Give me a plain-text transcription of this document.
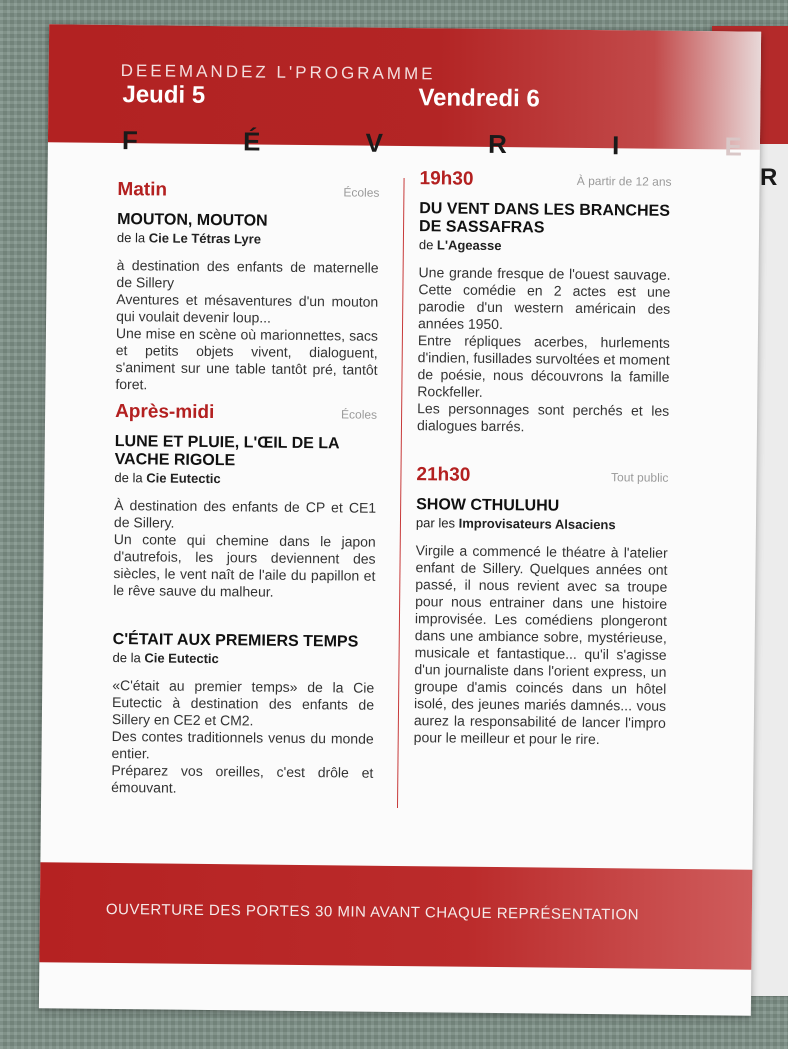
R
DEEEMANDEZ L'PROGRAMME
Jeudi 5	Vendredi 6
F	É	V	R	I	E
Matin	Écoles
MOUTON, MOUTON
de la Cie Le Tétras Lyre

à destination des enfants de maternelle de Sillery

Aventures et mésaventures d'un mouton qui voulait devenir loup...

Une mise en scène où marionnettes, sacs et petits objets vivent, dialoguent, s'animent sur une table tantôt pré, tantôt foret.

Après-midi	Écoles
LUNE ET PLUIE, L'ŒIL DE LA VACHE RIGOLE
de la Cie Eutectic

À destination des enfants de CP et CE1 de Sillery.

Un conte qui chemine dans le japon d'autrefois, les jours deviennent des siècles, le vent naît de l'aile du papillon et le rêve sauve du malheur.

C'ÉTAIT AUX PREMIERS TEMPS
de la Cie Eutectic

«C'était au premier temps» de la Cie Eutectic à destination des enfants de Sillery en CE2 et CM2.

Des contes traditionnels venus du monde entier.

Préparez vos oreilles, c'est drôle et émouvant.

19h30	À partir de 12 ans
DU VENT DANS LES BRANCHES DE SASSAFRAS
de L'Ageasse

Une grande fresque de l'ouest sauvage. Cette comédie en 2 actes est une parodie d'un western américain des années 1950.

Entre répliques acerbes, hurlements d'indien, fusillades survoltées et moment de poésie, nous découvrons la famille Rockfeller.

Les personnages sont perchés et les dialogues barrés.

21h30	Tout public
SHOW CTHULUHU
par les Improvisateurs Alsaciens

Virgile a commencé le théatre à l'atelier enfant de Sillery. Quelques années ont passé, il nous revient avec sa troupe pour nous entrainer dans une histoire improvisée. Les comédiens plongeront dans une ambiance sobre, mystérieuse, musicale et fantastique... qu'il s'agisse d'un journaliste dans l'orient express, un groupe d'amis coincés dans un hôtel isolé, des jeunes mariés damnés... vous aurez la responsabilité de lancer l'impro pour le meilleur et pour le rire.

OUVERTURE DES PORTES 30 MIN AVANT CHAQUE REPRÉSENTATION
